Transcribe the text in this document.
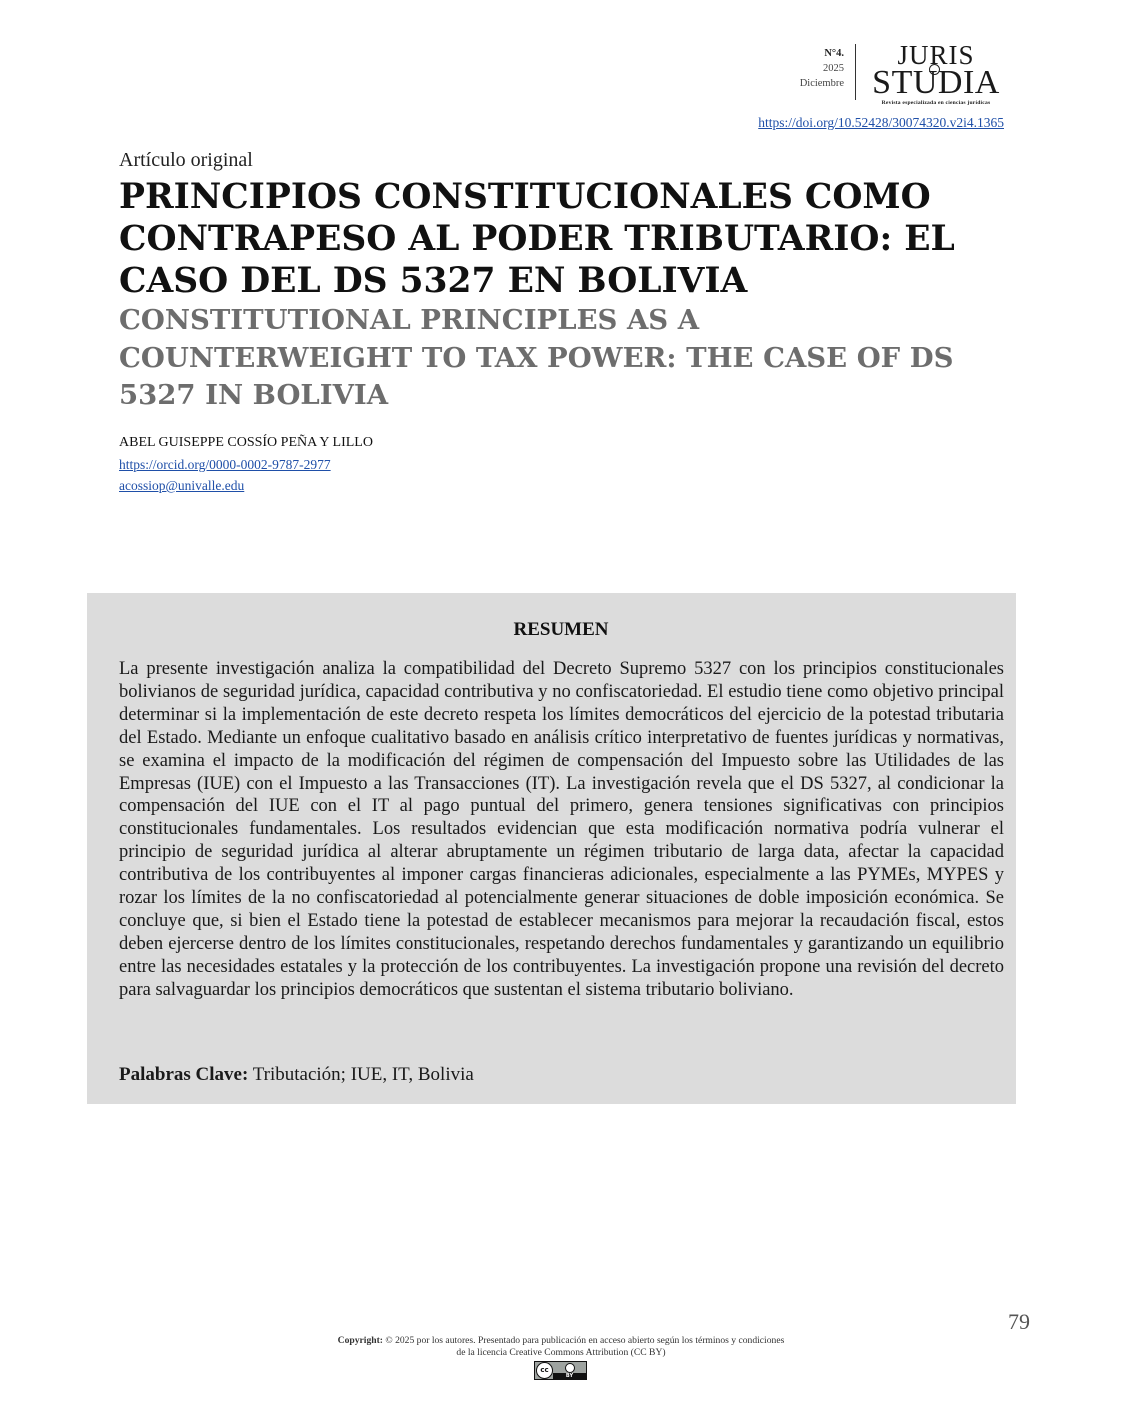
N°4.
2025
Diciembre
JURIS
STUDIA
Revista especializada en ciencias jurídicas
https://doi.org/10.52428/30074320.v2i4.1365
Artículo original
PRINCIPIOS CONSTITUCIONALES COMO CONTRAPESO AL PODER TRIBUTARIO: EL CASO DEL DS 5327 EN BOLIVIA
CONSTITUTIONAL PRINCIPLES AS A COUNTERWEIGHT TO TAX POWER: THE CASE OF DS 5327 IN BOLIVIA
ABEL GUISEPPE COSSÍO PEÑA Y LILLO
https://orcid.org/0000-0002-9787-2977
acossiop@univalle.edu
RESUMEN

La presente investigación analiza la compatibilidad del Decreto Supremo 5327 con los principios constitucionales bolivianos de seguridad jurídica, capacidad contributiva y no confiscatoriedad. El estudio tiene como objetivo principal determinar si la implementación de este decreto respeta los límites democráticos del ejercicio de la potestad tributaria del Estado. Mediante un enfoque cualitativo basado en análisis crítico interpretativo de fuentes jurídicas y normativas, se examina el impacto de la modificación del régimen de compensación del Impuesto sobre las Utilidades de las Empresas (IUE) con el Impuesto a las Transacciones (IT). La investigación revela que el DS 5327, al condicionar la compensación del IUE con el IT al pago puntual del primero, genera tensiones significativas con principios constitucionales fundamentales. Los resultados evidencian que esta modificación normativa podría vulnerar el principio de seguridad jurídica al alterar abruptamente un régimen tributario de larga data, afectar la capacidad contributiva de los contribuyentes al imponer cargas financieras adicionales, especialmente a las PYMEs, MYPES y rozar los límites de la no confiscatoriedad al potencialmente generar situaciones de doble imposición económica. Se concluye que, si bien el Estado tiene la potestad de establecer mecanismos para mejorar la recaudación fiscal, estos deben ejercerse dentro de los límites constitucionales, respetando derechos fundamentales y garantizando un equilibrio entre las necesidades estatales y la protección de los contribuyentes. La investigación propone una revisión del decreto para salvaguardar los principios democráticos que sustentan el sistema tributario boliviano.

Palabras Clave: Tributación; IUE, IT, Bolivia
79
Copyright: © 2025 por los autores. Presentado para publicación en acceso abierto según los términos y condiciones
de la licencia Creative Commons Attribution (CC BY)
cc
BY
